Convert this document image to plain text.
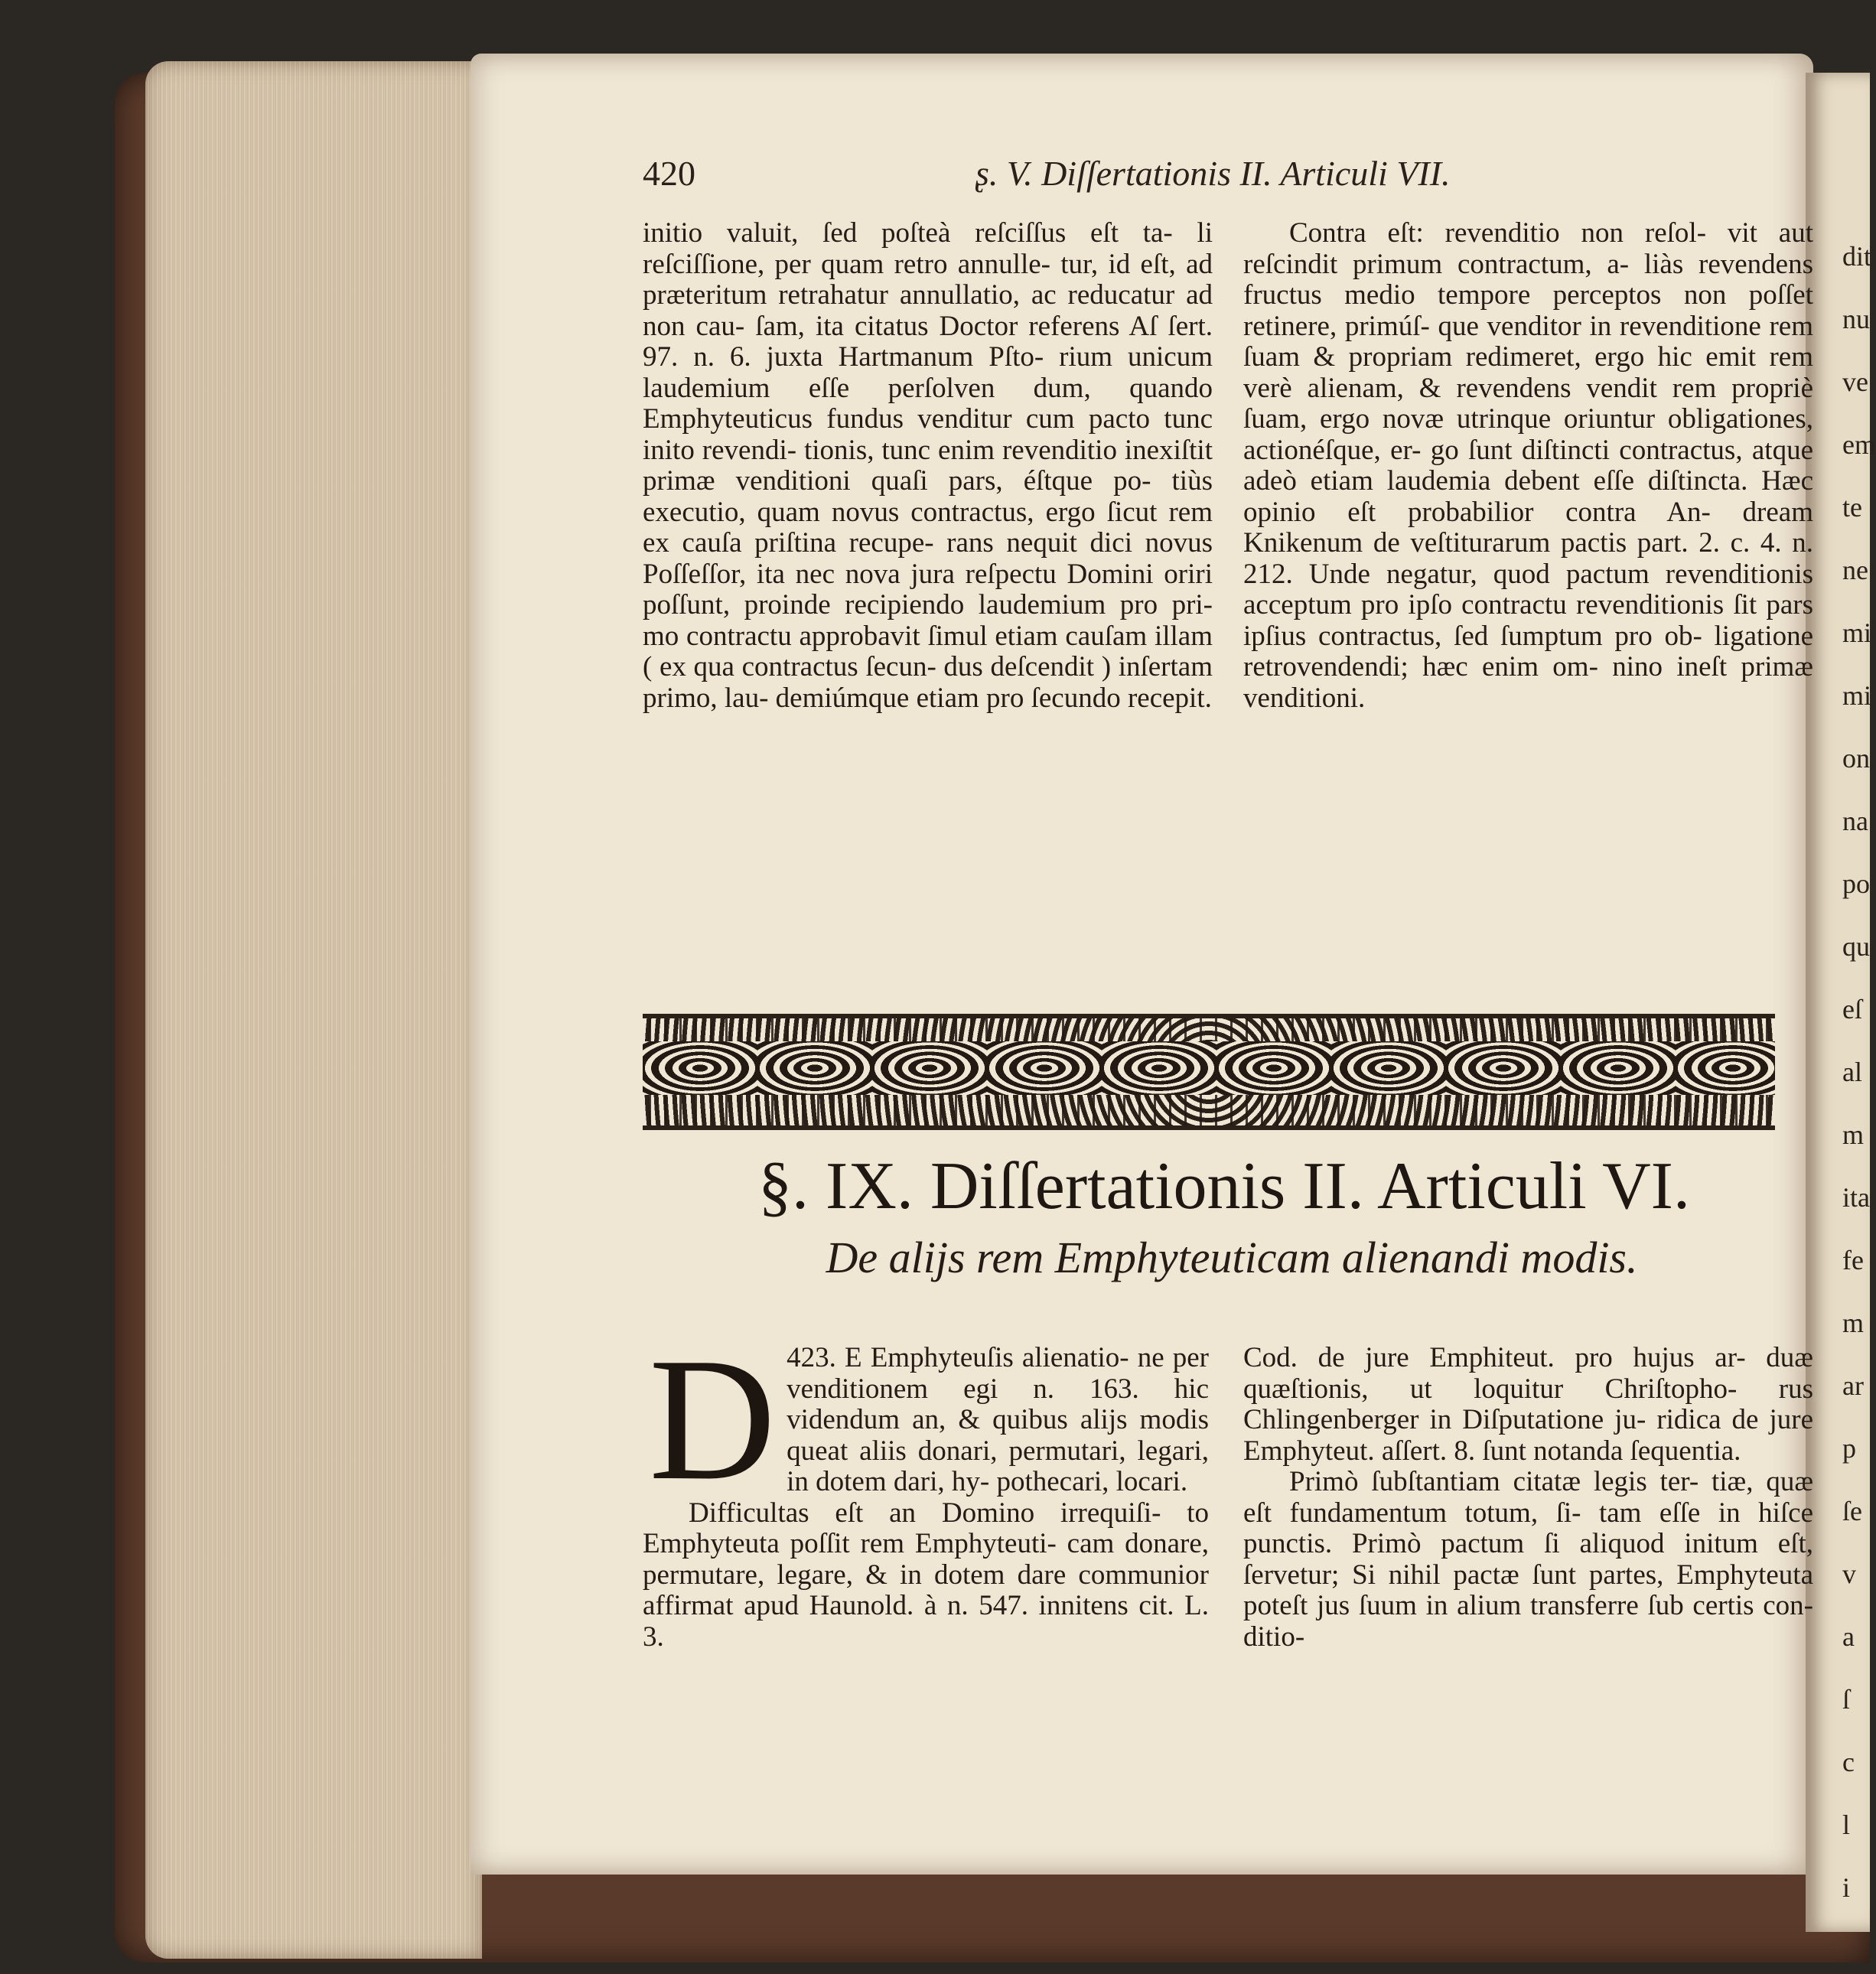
dit
nu
ve
em
te
ne
mi
mi
on
na
po
qu
eſ
al
m
ita
fe
m
ar
p
ſe
v
a
ſ
c
l
i
420	ʂ. V. Diſſertationis II. Articuli VII.

initio valuit, ſed poſteà reſciſſus eſt ta- li reſciſſione, per quam retro annulle- tur, id eſt, ad præteritum retrahatur annullatio, ac reducatur ad non cau- ſam, ita citatus Doctor referens Aſ ſert. 97. n. 6. juxta Hartmanum Pſto- rium unicum laudemium eſſe perſolven dum, quando Emphyteuticus fundus venditur cum pacto tunc inito revendi- tionis, tunc enim revenditio inexiſtit primæ venditioni quaſi pars, éſtque po- tiùs executio, quam novus contractus, ergo ſicut rem ex cauſa priſtina recupe- rans nequit dici novus Poſſeſſor, ita nec nova jura reſpectu Domini oriri poſſunt, proinde recipiendo laudemium pro pri- mo contractu approbavit ſimul etiam cauſam illam ( ex qua contractus ſecun- dus deſcendit ) inſertam primo, lau- demiúmque etiam pro ſecundo recepit.

Contra eſt: revenditio non reſol- vit aut reſcindit primum contractum, a- liàs revendens fructus medio tempore perceptos non poſſet retinere, primúſ- que venditor in revenditione rem ſuam & propriam redimeret, ergo hic emit rem verè alienam, & revendens vendit rem propriè ſuam, ergo novæ utrinque oriuntur obligationes, actionéſque, er- go ſunt diſtincti contractus, atque adeò etiam laudemia debent eſſe diſtincta. Hæc opinio eſt probabilior contra An- dream Knikenum de veſtiturarum pactis part. 2. c. 4. n. 212. Unde negatur, quod pactum revenditionis acceptum pro ipſo contractu revenditionis ſit pars ipſius contractus, ſed ſumptum pro ob- ligatione retrovendendi; hæc enim om- nino ineſt primæ venditioni.

§. IX. Diſſertationis II. Articuli VI.
De alijs rem Emphyteuticam alienandi modis.

423.
D E Emphyteuſis alienatio- ne per venditionem egi n. 163. hic videndum an, & quibus alijs modis queat aliis donari, permutari, legari, in dotem dari, hy- pothecari, locari.

Difficultas eſt an Domino irrequiſi- to Emphyteuta poſſit rem Emphyteuti- cam donare, permutare, legare, & in dotem dare communior affirmat apud Haunold. à n. 547. innitens cit. L. 3.

Cod. de jure Emphiteut. pro hujus ar- duæ quæſtionis, ut loquitur Chriſtopho- rus Chlingenberger in Diſputatione ju- ridica de jure Emphyteut. aſſert. 8. ſunt notanda ſequentia.

Primò ſubſtantiam citatæ legis ter- tiæ, quæ eſt fundamentum totum, ſi- tam eſſe in hiſce punctis. Primò pactum ſi aliquod initum eſt, ſervetur; Si nihil pactæ ſunt partes, Emphyteuta poteſt jus ſuum in alium transferre ſub certis con- ditio-
